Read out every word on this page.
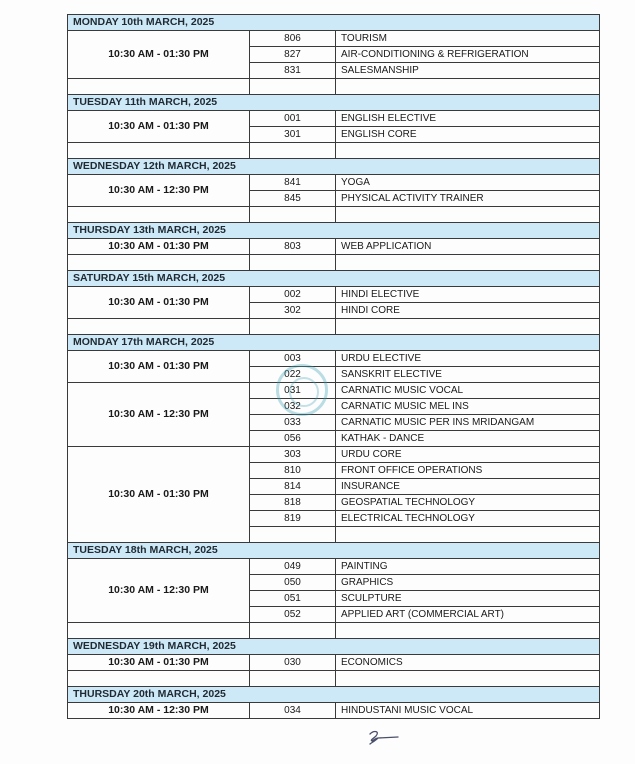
MONDAY 10th MARCH, 2025		
10:30 AM - 01:30 PM	806	TOURISM
	827	AIR-CONDITIONING & REFRIGERATION
	831	SALESMANSHIP

TUESDAY 11th MARCH, 2025		
10:30 AM - 01:30 PM	001	ENGLISH ELECTIVE
	301	ENGLISH CORE

WEDNESDAY 12th MARCH, 2025		
10:30 AM - 12:30 PM	841	YOGA
	845	PHYSICAL ACTIVITY TRAINER

THURSDAY 13th MARCH, 2025		
10:30 AM - 01:30 PM	803	WEB APPLICATION

SATURDAY 15th MARCH, 2025		
10:30 AM - 01:30 PM	002	HINDI ELECTIVE
	302	HINDI CORE

MONDAY 17th MARCH, 2025		
10:30 AM - 01:30 PM	003	URDU ELECTIVE
	022	SANSKRIT ELECTIVE
10:30 AM - 12:30 PM	031	CARNATIC MUSIC VOCAL
	032	CARNATIC MUSIC MEL INS
	033	CARNATIC MUSIC PER INS MRIDANGAM
	056	KATHAK - DANCE
10:30 AM - 01:30 PM	303	URDU CORE
	810	FRONT OFFICE OPERATIONS
	814	INSURANCE
	818	GEOSPATIAL TECHNOLOGY
	819	ELECTRICAL TECHNOLOGY

TUESDAY 18th MARCH, 2025		
10:30 AM - 12:30 PM	049	PAINTING
	050	GRAPHICS
	051	SCULPTURE
	052	APPLIED ART (COMMERCIAL ART)

WEDNESDAY 19th MARCH, 2025		
10:30 AM - 01:30 PM	030	ECONOMICS

THURSDAY 20th MARCH, 2025		
10:30 AM - 12:30 PM	034	HINDUSTANI MUSIC VOCAL
